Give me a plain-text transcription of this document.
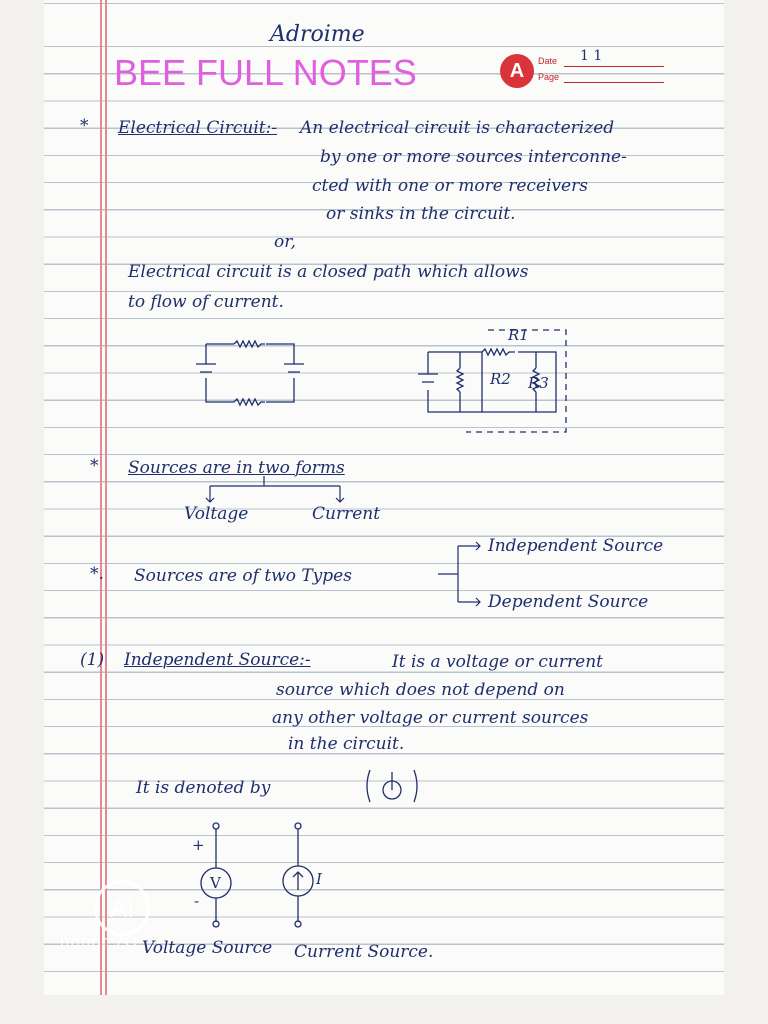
Adroime
BEE FULL NOTES	A	Date
Page
1 1
* Electrical Circuit:- An electrical circuit is characterized
by one or more sources interconne-
cted with one or more receivers
or sinks in the circuit.
or,
Electrical circuit is a closed path which allows
to flow of current.
R1
R2 R3
* Sources are in two forms
Voltage	Current
*. Sources are of two Types
Independent Source
Dependent Source
(1) Independent Source:-	It is a voltage or current
source which does not depend on
any other voltage or current sources
in the circuit.
It is denoted by
+
-
V	I
Voltage Source Current Source.
AI
honor 7C
